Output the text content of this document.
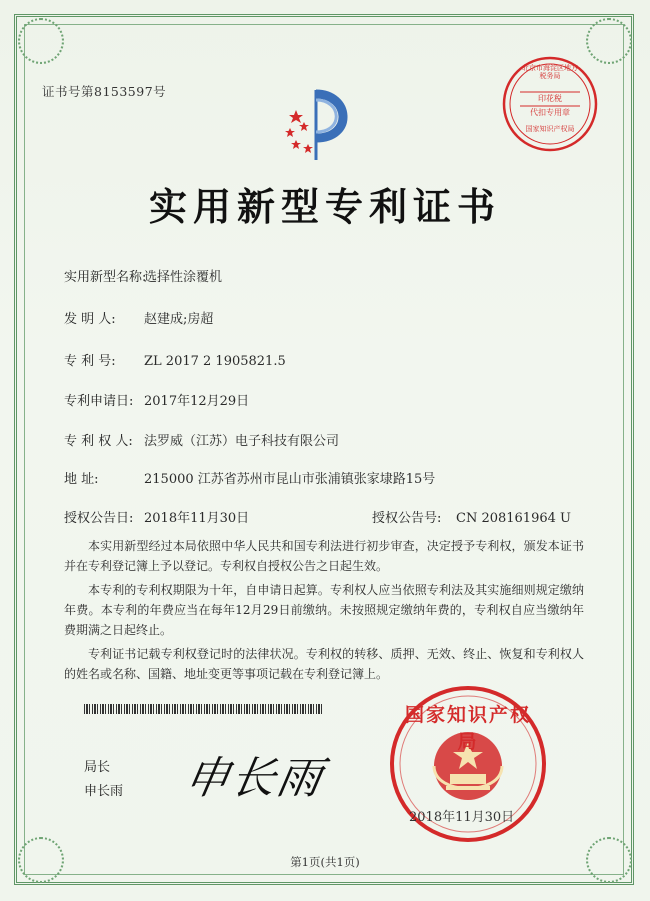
证书号第8153597号
北京市海淀区地方税务局
印花税
代扣专用章
国家知识产权局
实用新型专利证书
实用新型名称:选择性涂覆机
发 明 人: 赵建成;房超
专 利 号: ZL 2017 2 1905821.5
专利申请日: 2017年12月29日
专 利 权 人: 法罗威（江苏）电子科技有限公司
地 址:	215000 江苏省苏州市昆山市张浦镇张家埭路15号
授权公告日: 2018年11月30日	授权公告号: CN 208161964 U

本实用新型经过本局依照中华人民共和国专利法进行初步审查，决定授予专利权，颁发本证书并在专利登记簿上予以登记。专利权自授权公告之日起生效。

本专利的专利权期限为十年，自申请日起算。专利权人应当依照专利法及其实施细则规定缴纳年费。本专利的年费应当在每年12月29日前缴纳。未按照规定缴纳年费的，专利权自应当缴纳年费期满之日起终止。

专利证书记载专利权登记时的法律状况。专利权的转移、质押、无效、终止、恢复和专利权人的姓名或名称、国籍、地址变更等事项记载在专利登记簿上。

局长
申长雨 申长雨
国家知识产权局
2018年11月30日
第1页(共1页)
